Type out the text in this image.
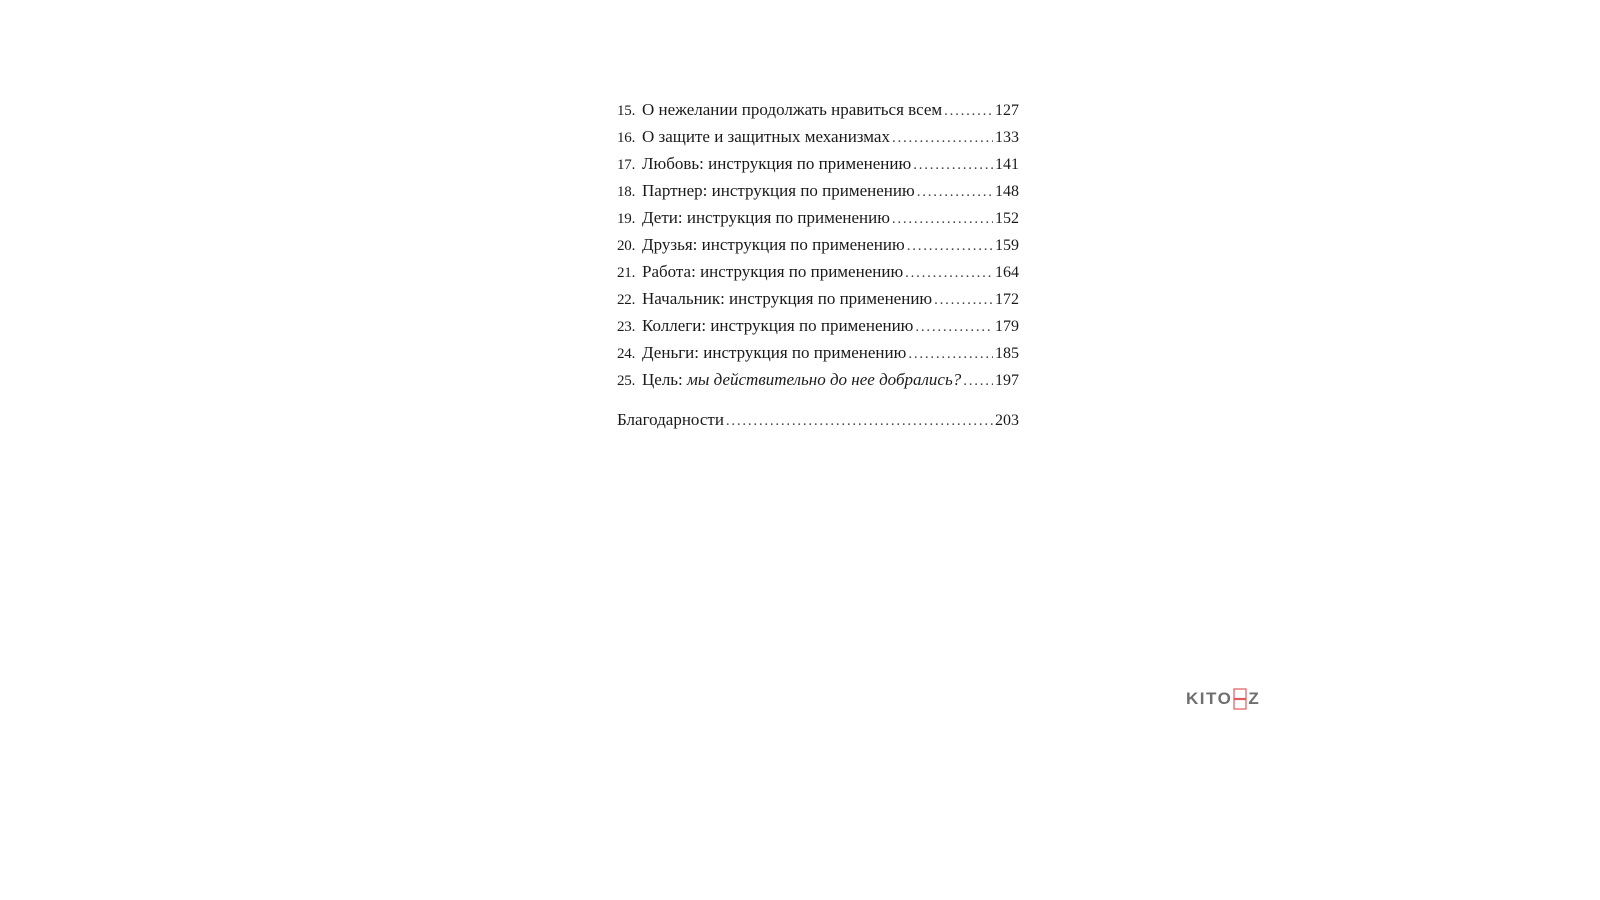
15. О нежелании продолжать нравиться всем . . .	127
16. О защите и защитных механизмах . . .	133
17. Любовь: инструкция по применению . . .	141
18. Партнер: инструкция по применению . . .	148
19. Дети: инструкция по применению . . .	152
20. Друзья: инструкция по применению . . .	159
21. Работа: инструкция по применению . . .	164
22. Начальник: инструкция по применению . . .	172
23. Коллеги: инструкция по применению . . .	179
24. Деньги: инструкция по применению . . .	185
25. Цель: мы действительно до нее добрались? . . . 197
Благодарности . . .	203
KITO Z
